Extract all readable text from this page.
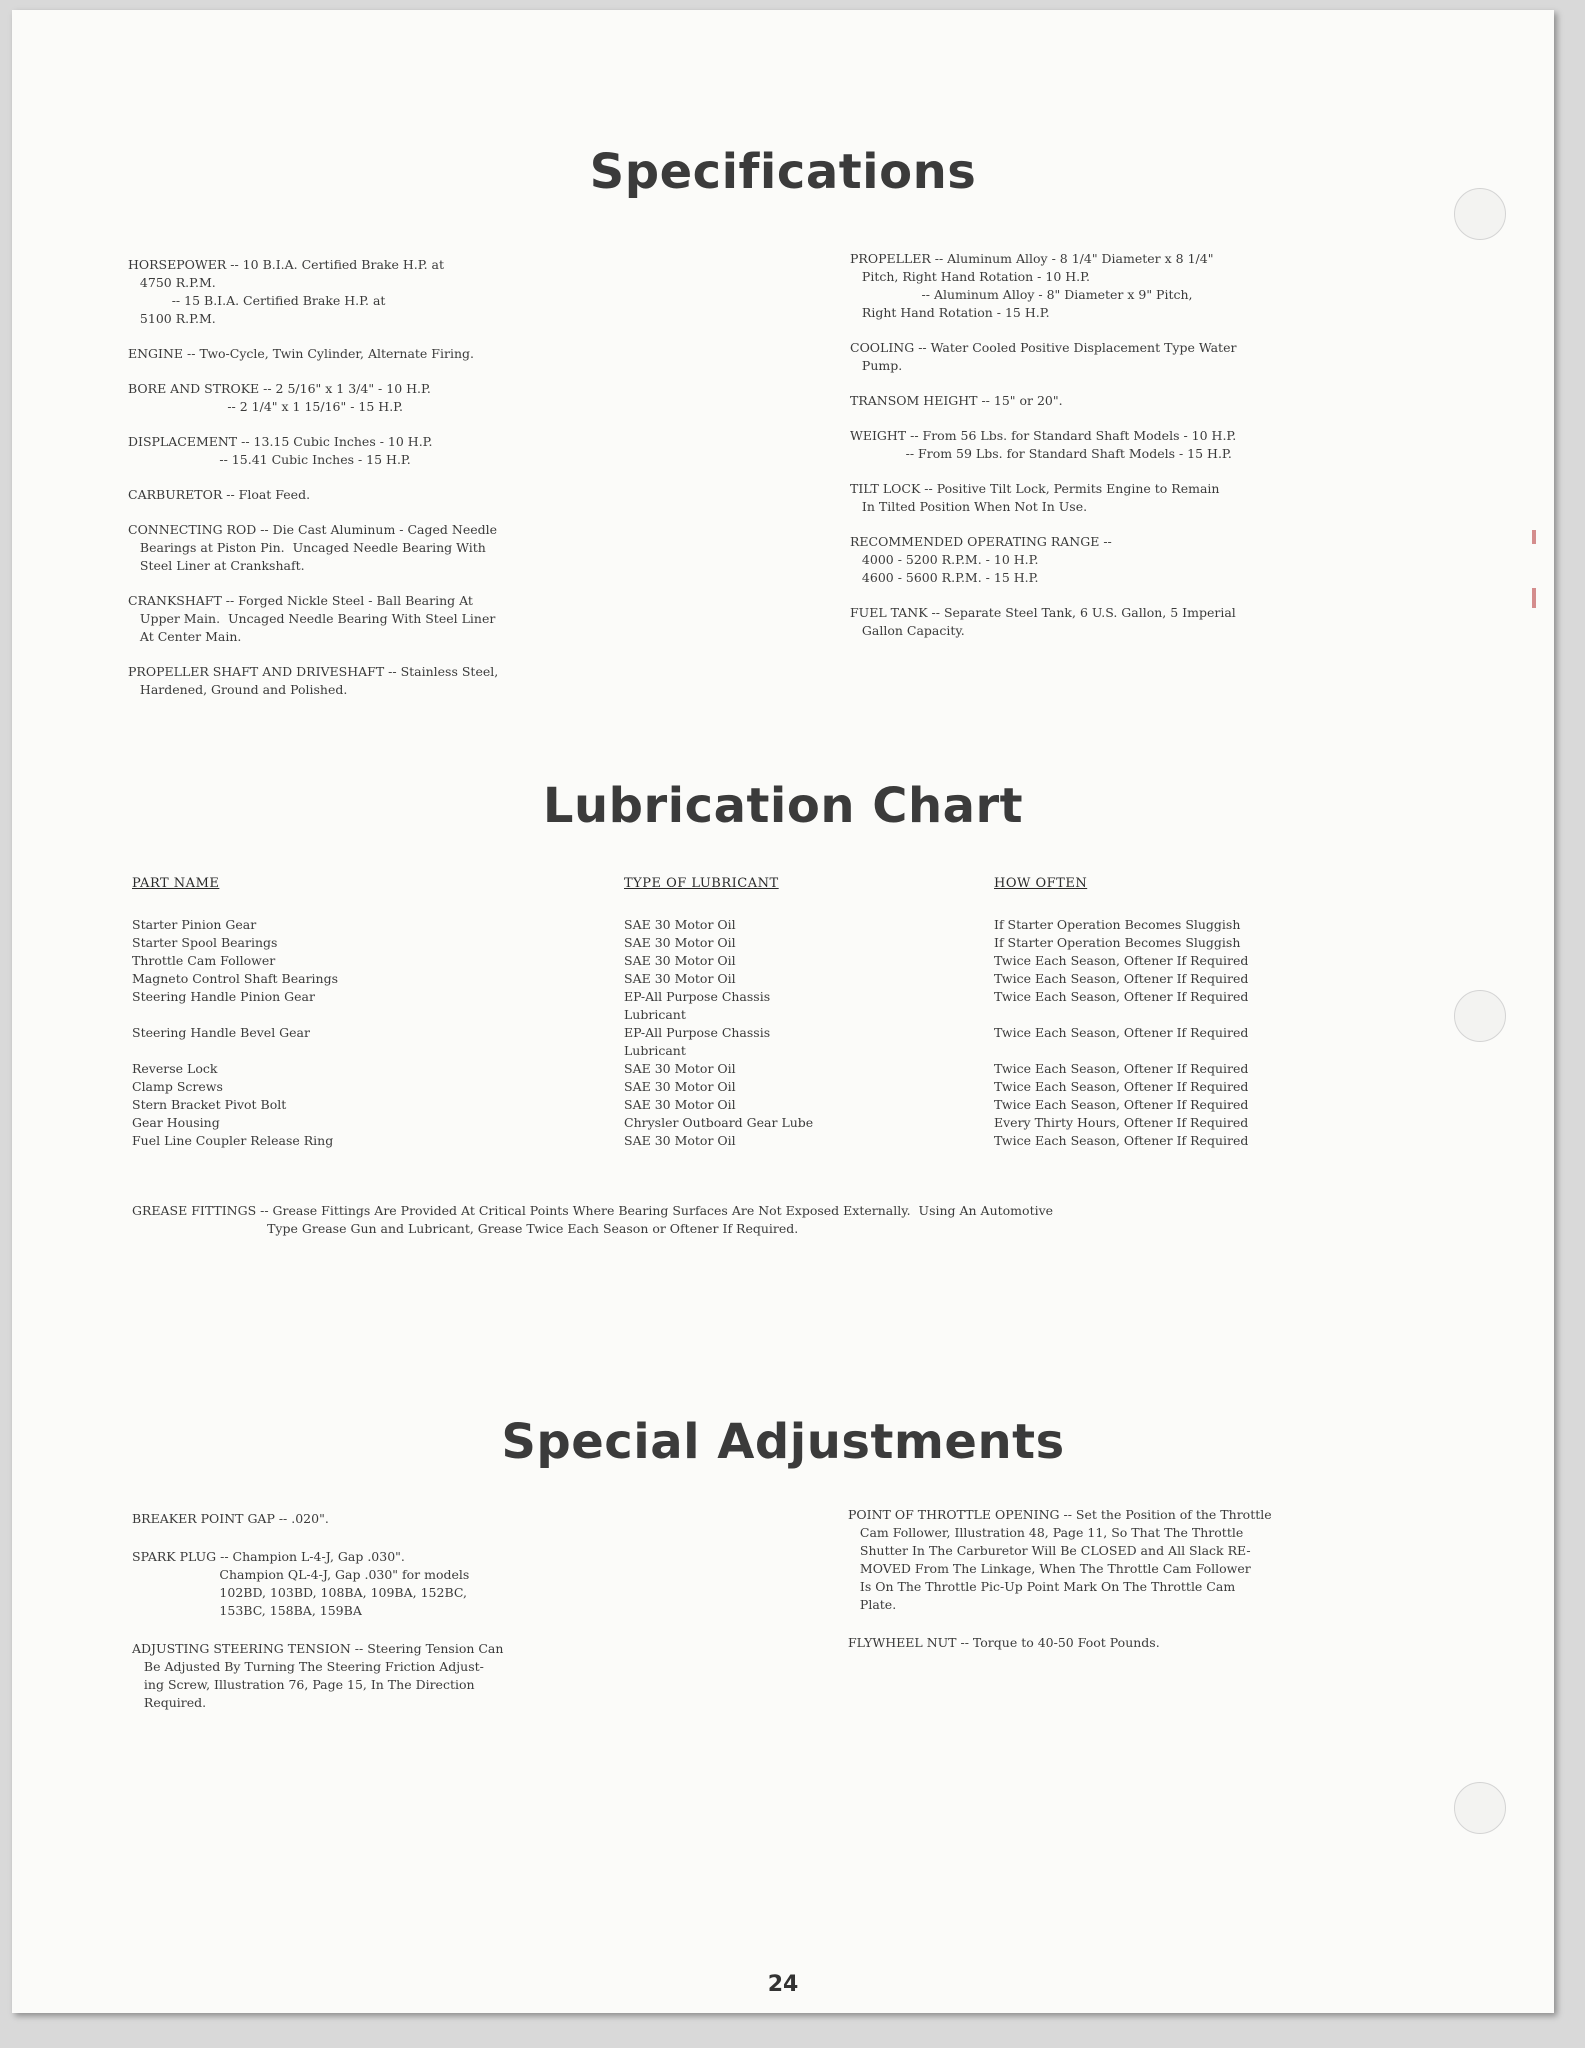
Specifications
HORSEPOWER -- 10 B.I.A. Certified Brake H.P. at
4750 R.P.M.
-- 15 B.I.A. Certified Brake H.P. at
5100 R.P.M.
ENGINE -- Two-Cycle, Twin Cylinder, Alternate Firing.
BORE AND STROKE -- 2 5/16" x 1 3/4" - 10 H.P.
-- 2 1/4" x 1 15/16" - 15 H.P.
DISPLACEMENT -- 13.15 Cubic Inches - 10 H.P.
-- 15.41 Cubic Inches - 15 H.P.
CARBURETOR -- Float Feed.
CONNECTING ROD -- Die Cast Aluminum - Caged Needle
Bearings at Piston Pin.  Uncaged Needle Bearing With
Steel Liner at Crankshaft.
CRANKSHAFT -- Forged Nickle Steel - Ball Bearing At
Upper Main.  Uncaged Needle Bearing With Steel Liner
At Center Main.
PROPELLER SHAFT AND DRIVESHAFT -- Stainless Steel,
Hardened, Ground and Polished.
PROPELLER -- Aluminum Alloy - 8 1/4" Diameter x 8 1/4"
Pitch, Right Hand Rotation - 10 H.P.
-- Aluminum Alloy - 8" Diameter x 9" Pitch,
Right Hand Rotation - 15 H.P.
COOLING -- Water Cooled Positive Displacement Type Water
Pump.
TRANSOM HEIGHT -- 15" or 20".
WEIGHT -- From 56 Lbs. for Standard Shaft Models - 10 H.P.
-- From 59 Lbs. for Standard Shaft Models - 15 H.P.
TILT LOCK -- Positive Tilt Lock, Permits Engine to Remain
In Tilted Position When Not In Use.
RECOMMENDED OPERATING RANGE --
4000 - 5200 R.P.M. - 10 H.P.
4600 - 5600 R.P.M. - 15 H.P.
FUEL TANK -- Separate Steel Tank, 6 U.S. Gallon, 5 Imperial
Gallon Capacity.
Lubrication Chart
PART NAME	TYPE OF LUBRICANT	HOW OFTEN
Starter Pinion Gear
Starter Spool Bearings
Throttle Cam Follower
Magneto Control Shaft Bearings
Steering Handle Pinion Gear
Steering Handle Bevel Gear
Reverse Lock
Clamp Screws
Stern Bracket Pivot Bolt
Gear Housing
Fuel Line Coupler Release Ring
SAE 30 Motor Oil
SAE 30 Motor Oil
SAE 30 Motor Oil
SAE 30 Motor Oil
EP-All Purpose Chassis
Lubricant
EP-All Purpose Chassis
Lubricant
SAE 30 Motor Oil
SAE 30 Motor Oil
SAE 30 Motor Oil
Chrysler Outboard Gear Lube
SAE 30 Motor Oil
If Starter Operation Becomes Sluggish
If Starter Operation Becomes Sluggish
Twice Each Season, Oftener If Required
Twice Each Season, Oftener If Required
Twice Each Season, Oftener If Required
Twice Each Season, Oftener If Required
Twice Each Season, Oftener If Required
Twice Each Season, Oftener If Required
Twice Each Season, Oftener If Required
Every Thirty Hours, Oftener If Required
Twice Each Season, Oftener If Required
GREASE FITTINGS -- Grease Fittings Are Provided At Critical Points Where Bearing Surfaces Are Not Exposed Externally.  Using An Automotive
Type Grease Gun and Lubricant, Grease Twice Each Season or Oftener If Required.
Special Adjustments
BREAKER POINT GAP -- .020".
SPARK PLUG -- Champion L-4-J, Gap .030".
Champion QL-4-J, Gap .030" for models
102BD, 103BD, 108BA, 109BA, 152BC,
153BC, 158BA, 159BA
ADJUSTING STEERING TENSION -- Steering Tension Can
Be Adjusted By Turning The Steering Friction Adjust-
ing Screw, Illustration 76, Page 15, In The Direction
Required.
POINT OF THROTTLE OPENING -- Set the Position of the Throttle
Cam Follower, Illustration 48, Page 11, So That The Throttle
Shutter In The Carburetor Will Be CLOSED and All Slack RE-
MOVED From The Linkage, When The Throttle Cam Follower
Is On The Throttle Pic-Up Point Mark On The Throttle Cam
Plate.
FLYWHEEL NUT -- Torque to 40-50 Foot Pounds.
24
